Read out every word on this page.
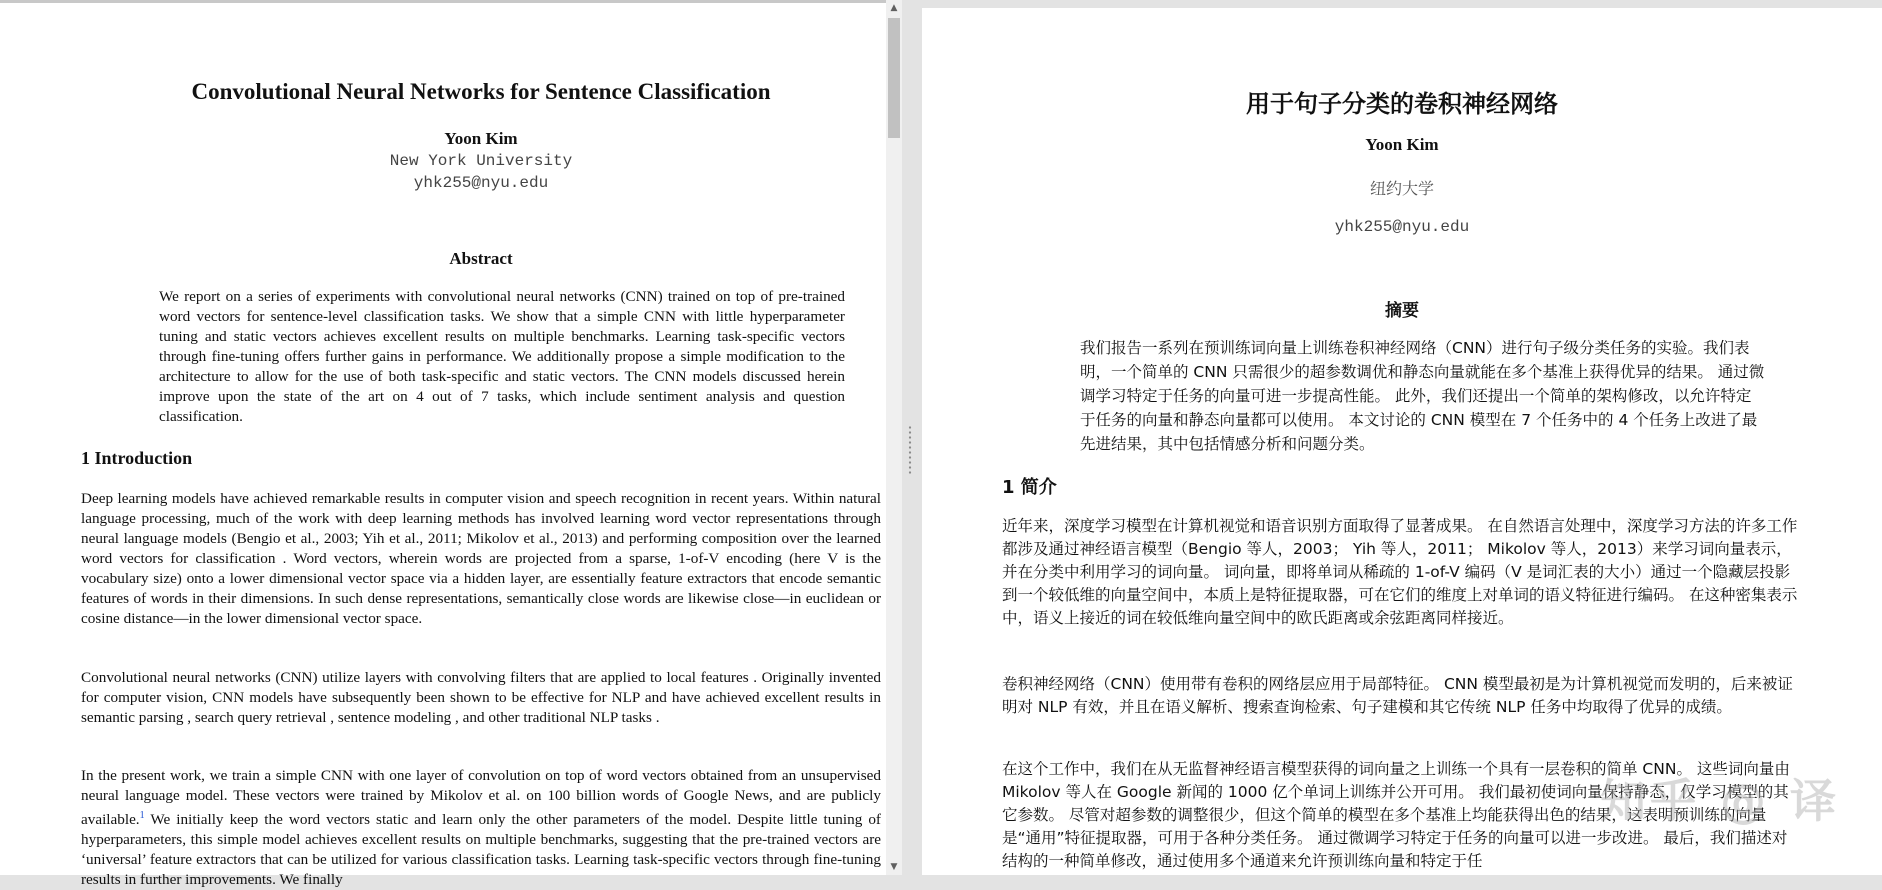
Convolutional Neural Networks for Sentence Classification
Yoon Kim
New York University
yhk255@nyu.edu
Abstract
We report on a series of experiments with convolutional neural networks (CNN) trained on top of pre-trained word vectors for sentence-level classification tasks. We show that a simple CNN with little hyperparameter tuning and static vectors achieves excellent results on multiple benchmarks. Learning task-specific vectors through fine-tuning offers further gains in performance. We additionally propose a simple modification to the architecture to allow for the use of both task-specific and static vectors. The CNN models discussed herein improve upon the state of the art on 4 out of 7 tasks, which include sentiment analysis and question classification.
1 Introduction
Deep learning models have achieved remarkable results in computer vision and speech recognition in recent years. Within natural language processing, much of the work with deep learning methods has involved learning word vector representations through neural language models (Bengio et al., 2003; Yih et al., 2011; Mikolov et al., 2013) and performing composition over the learned word vectors for classification . Word vectors, wherein words are projected from a sparse, 1-of-V encoding (here V is the vocabulary size) onto a lower dimensional vector space via a hidden layer, are essentially feature extractors that encode semantic features of words in their dimensions. In such dense representations, semantically close words are likewise close—in euclidean or cosine distance—in the lower dimensional vector space.
Convolutional neural networks (CNN) utilize layers with convolving filters that are applied to local features . Originally invented for computer vision, CNN models have subsequently been shown to be effective for NLP and have achieved excellent results in semantic parsing , search query retrieval , sentence modeling , and other traditional NLP tasks .
In the present work, we train a simple CNN with one layer of convolution on top of word vectors obtained from an unsupervised neural language model. These vectors were trained by Mikolov et al. on 100 billion words of Google News, and are publicly available.$^1$ We initially keep the word vectors static and learn only the other parameters of the model. Despite little tuning of hyperparameters, this simple model achieves excellent results on multiple benchmarks, suggesting that the pre-trained vectors are ‘universal’ feature extractors that can be utilized for various classification tasks. Learning task-specific vectors through fine-tuning results in further improvements. We finally
▲
▼
用于句子分类的卷积神经网络
Yoon Kim
纽约大学
yhk255@nyu.edu
摘要
我们报告一系列在预训练词向量上训练卷积神经网络（CNN）进行句子级分类任务的实验。我们表明，一个简单的 CNN 只需很少的超参数调优和静态向量就能在多个基准上获得优异的结果。 通过微调学习特定于任务的向量可进一步提高性能。 此外，我们还提出一个简单的架构修改，以允许特定于任务的向量和静态向量都可以使用。 本文讨论的 CNN 模型在 7 个任务中的 4 个任务上改进了最先进结果，其中包括情感分析和问题分类。
1 简介
近年来，深度学习模型在计算机视觉和语音识别方面取得了显著成果。 在自然语言处理中，深度学习方法的许多工作都涉及通过神经语言模型（Bengio 等人，2003； Yih 等人，2011； Mikolov 等人，2013）来学习词向量表示，并在分类中利用学习的词向量。 词向量，即将单词从稀疏的 1-of-V 编码（V 是词汇表的大小）通过一个隐藏层投影到一个较低维的向量空间中，本质上是特征提取器，可在它们的维度上对单词的语义特征进行编码。 在这种密集表示中，语义上接近的词在较低维向量空间中的欧氏距离或余弦距离同样接近。
卷积神经网络（CNN）使用带有卷积的网络层应用于局部特征。 CNN 模型最初是为计算机视觉而发明的，后来被证明对 NLP 有效，并且在语义解析、搜索查询检索、句子建模和其它传统 NLP 任务中均取得了优异的成绩。
在这个工作中，我们在从无监督神经语言模型获得的词向量之上训练一个具有一层卷积的简单 CNN。 这些词向量由 Mikolov 等人在 Google 新闻的 1000 亿个单词上训练并公开可用。 我们最初使词向量保持静态，仅学习模型的其它参数。 尽管对超参数的调整很少，但这个简单的模型在多个基准上均能获得出色的结果，这表明预训练的向量是“通用”特征提取器，可用于各种分类任务。 通过微调学习特定于任务的向量可以进一步改进。 最后，我们描述对结构的一种简单修改，通过使用多个通道来允许预训练向量和特定于任
知乎 @ 译
